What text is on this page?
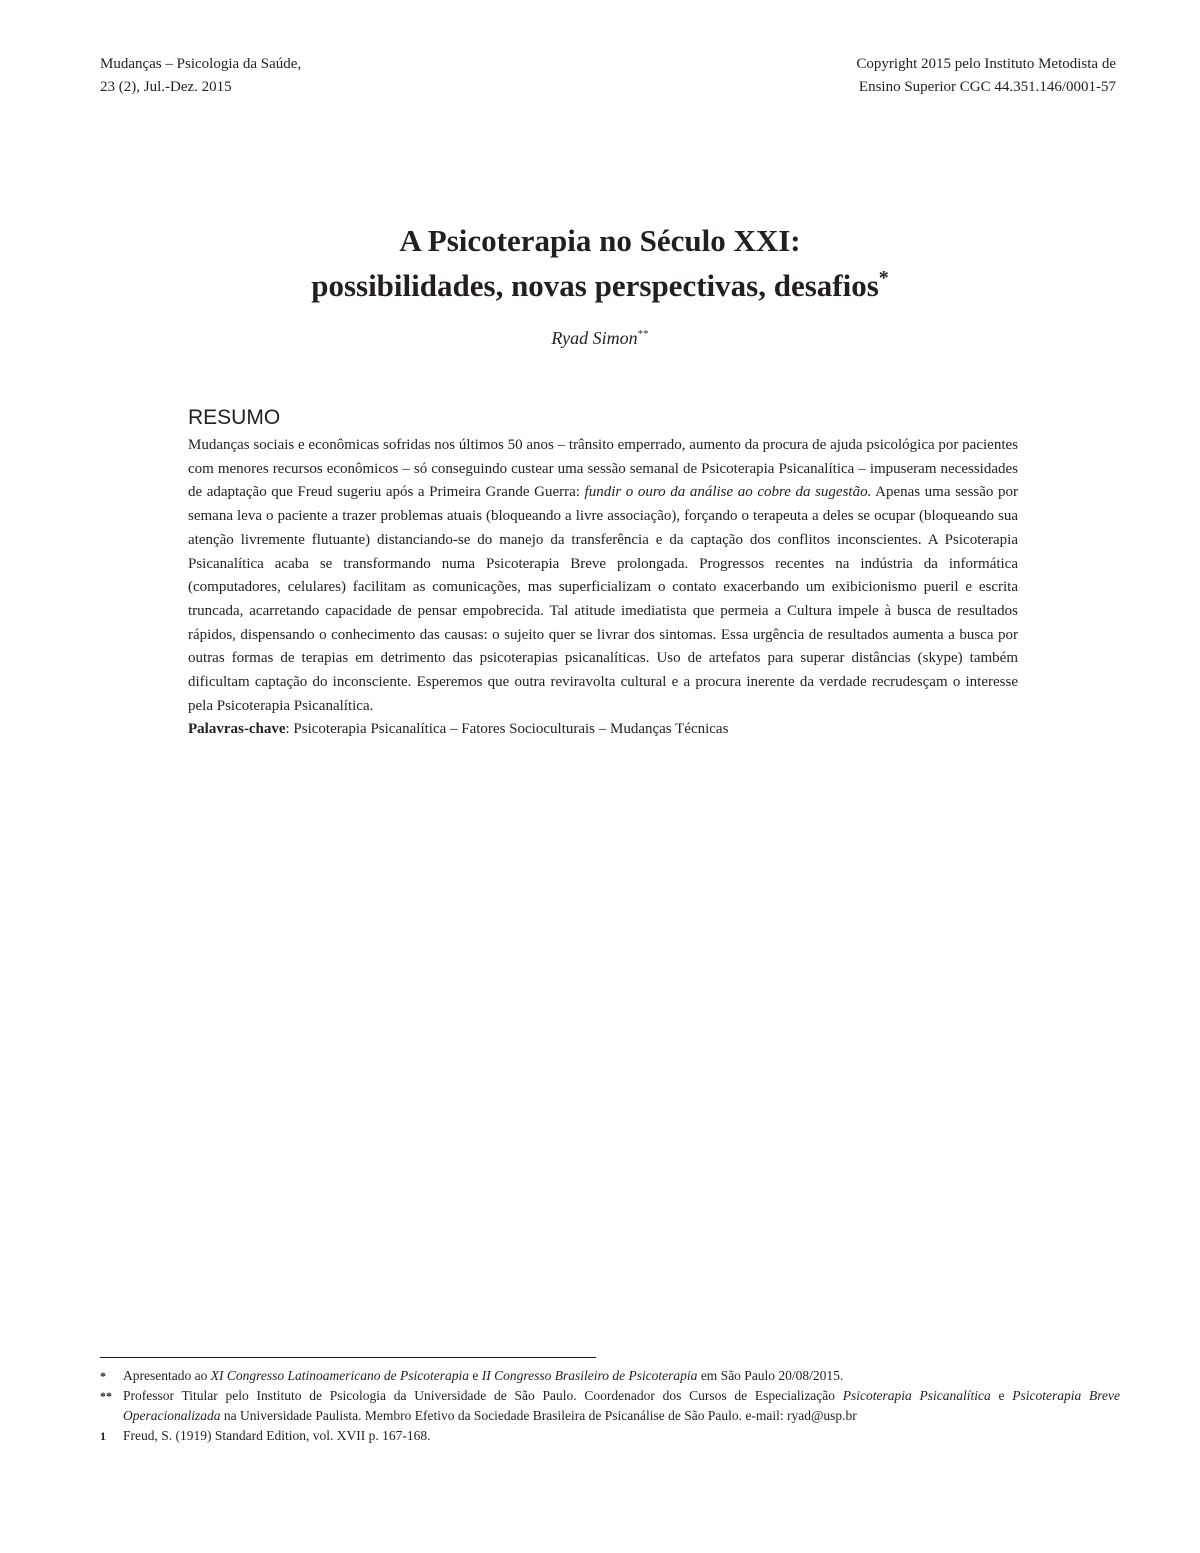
Mudanças – Psicologia da Saúde,
23 (2), Jul.-Dez. 2015
Copyright 2015 pelo Instituto Metodista de
Ensino Superior CGC 44.351.146/0001-57
A Psicoterapia no Século XXI:
possibilidades, novas perspectivas, desafios*
Ryad Simon**
RESUMO

Mudanças sociais e econômicas sofridas nos últimos 50 anos – trânsito emperrado, aumento da procura de ajuda psicológica por pacientes com menores recursos econômicos – só conseguindo custear uma sessão semanal de Psicoterapia Psicanalítica – impuseram necessidades de adaptação que Freud sugeriu após a Primeira Grande Guerra: fundir o ouro da análise ao cobre da sugestão. Apenas uma sessão por semana leva o paciente a trazer problemas atuais (bloqueando a livre associação), forçando o terapeuta a deles se ocupar (bloqueando sua atenção livremente flutuante) distanciando-se do manejo da transferência e da captação dos conflitos inconscientes. A Psicoterapia Psicanalítica acaba se transformando numa Psicoterapia Breve prolongada. Progressos recentes na indústria da informática (computadores, celulares) facilitam as comunicações, mas superficializam o contato exacerbando um exibicionismo pueril e escrita truncada, acarretando capacidade de pensar empobrecida. Tal atitude imediatista que permeia a Cultura impele à busca de resultados rápidos, dispensando o conhecimento das causas: o sujeito quer se livrar dos sintomas. Essa urgência de resultados aumenta a busca por outras formas de terapias em detrimento das psicoterapias psicanalíticas. Uso de artefatos para superar distâncias (skype) também dificultam captação do inconsciente. Esperemos que outra reviravolta cultural e a procura inerente da verdade recrudesçam o interesse pela Psicoterapia Psicanalítica.

Palavras-chave: Psicoterapia Psicanalítica – Fatores Socioculturais – Mudanças Técnicas

* Apresentado ao XI Congresso Latinoamericano de Psicoterapia e II Congresso Brasileiro de Psicoterapia em São Paulo 20/08/2015.
** Professor Titular pelo Instituto de Psicologia da Universidade de São Paulo. Coordenador dos Cursos de Especialização Psicoterapia Psicanalítica e Psicoterapia Breve Operacionalizada na Universidade Paulista. Membro Efetivo da Sociedade Brasileira de Psicanálise de São Paulo. e-mail: ryad@usp.br
1 Freud, S. (1919) Standard Edition, vol. XVII p. 167-168.
